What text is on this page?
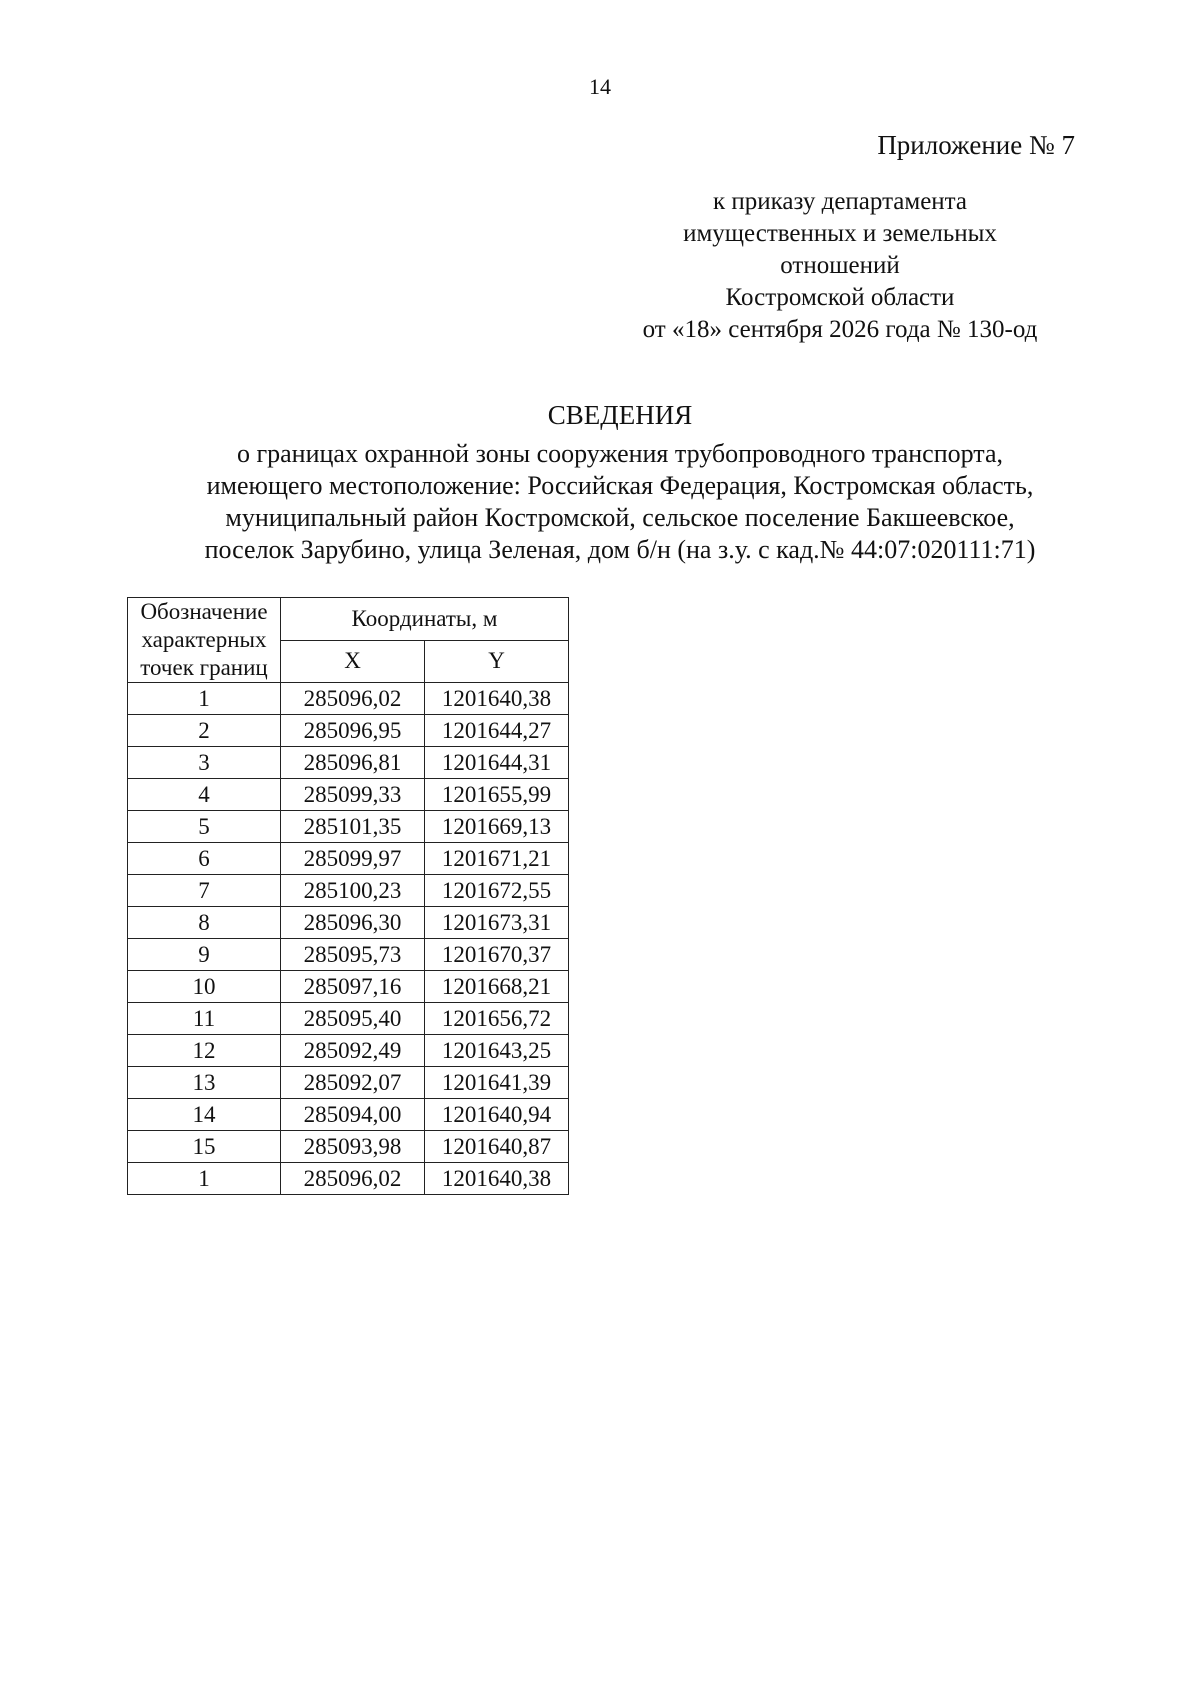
14
Приложение № 7
к приказу департамента
имущественных и земельных
отношений
Костромской области
от «18» сентября 2026 года № 130-од
СВЕДЕНИЯ
о границах охранной зоны сооружения трубопроводного транспорта,
имеющего местоположение: Российская Федерация, Костромская область,
муниципальный район Костромской, сельское поселение Бакшеевское,
поселок Зарубино, улица Зеленая, дом б/н (на з.у. с кад.№ 44:07:020111:71)
Обозначение характерных точек границ	Координаты, м	
	X	Y
1	285096,02	1201640,38
2	285096,95	1201644,27
3	285096,81	1201644,31
4	285099,33	1201655,99
5	285101,35	1201669,13
6	285099,97	1201671,21
7	285100,23	1201672,55
8	285096,30	1201673,31
9	285095,73	1201670,37
10	285097,16	1201668,21
11	285095,40	1201656,72
12	285092,49	1201643,25
13	285092,07	1201641,39
14	285094,00	1201640,94
15	285093,98	1201640,87
1	285096,02	1201640,38
